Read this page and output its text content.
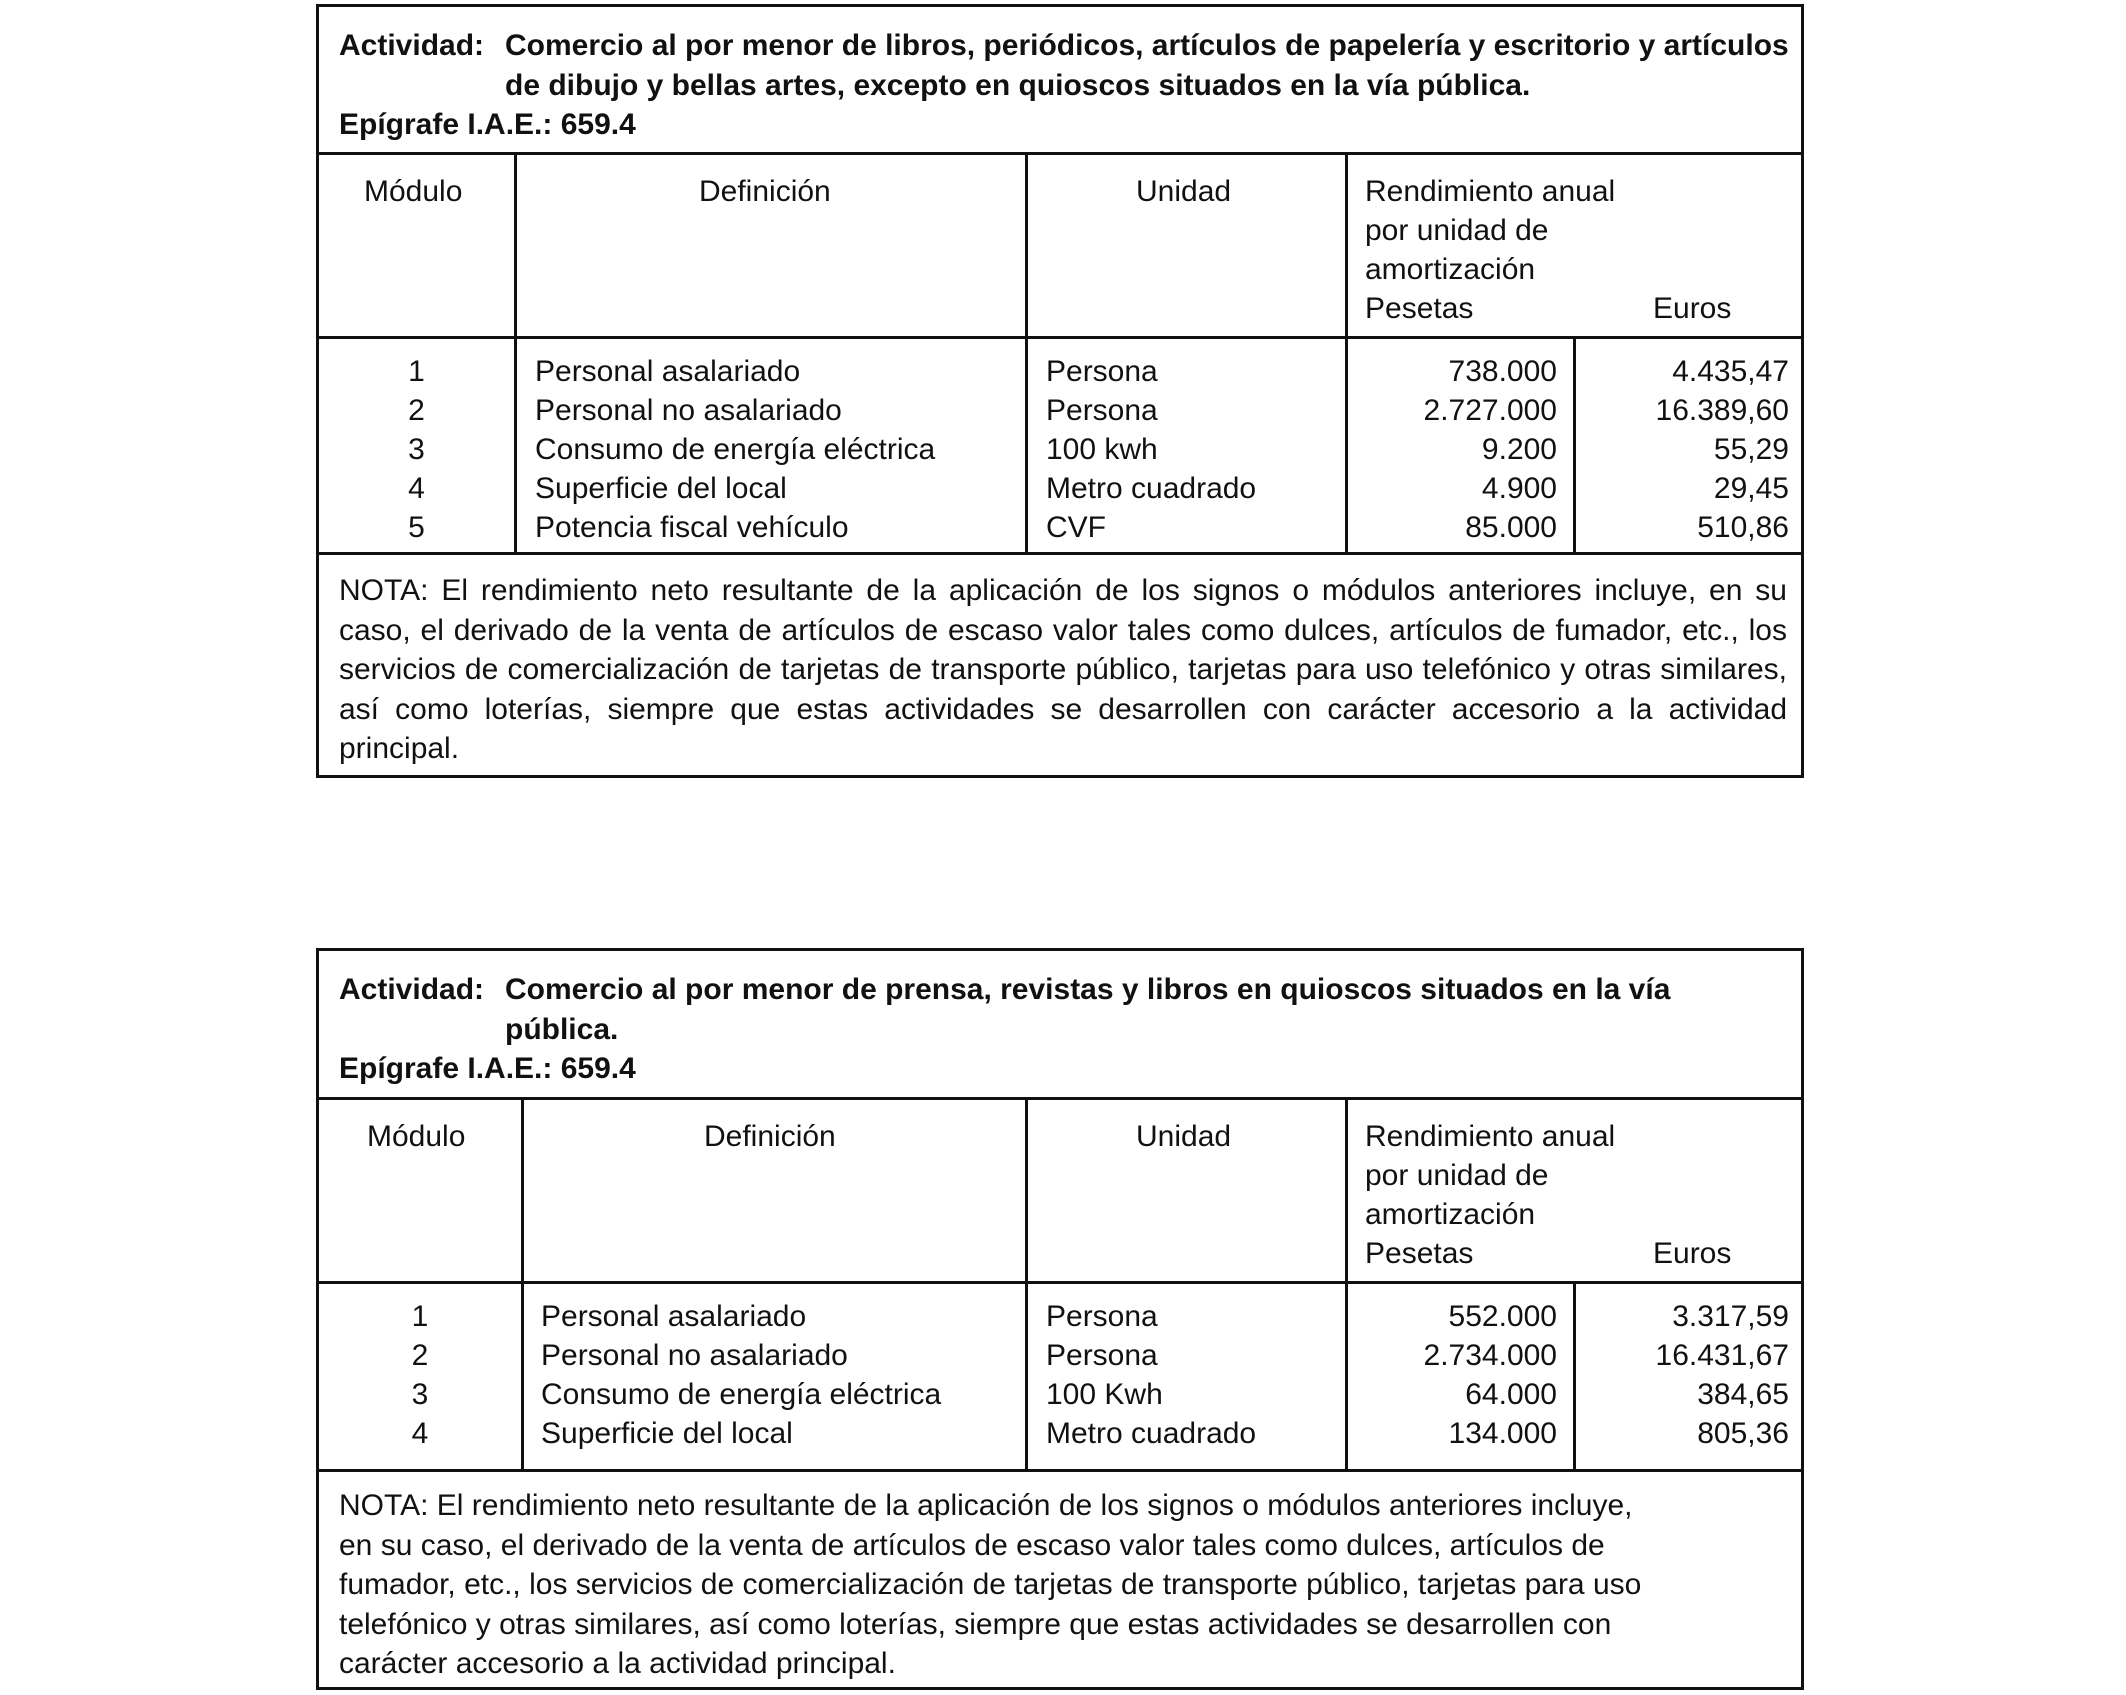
Actividad: Comercio al por menor de libros, periódicos, artículos de papelería y escritorio y artículos
de dibujo y bellas artes, excepto en quioscos situados en la vía pública.
Epígrafe I.A.E.: 659.4
Módulo	Definición	Unidad	Rendimiento anual
por unidad de
amortización
Pesetas	Euros
1	Personal asalariado	Persona	738.000	4.435,47
2	Personal no asalariado	Persona	2.727.000	16.389,60
3	Consumo de energía eléctrica	100 kwh	9.200	55,29
4	Superficie del local	Metro cuadrado	4.900	29,45
5	Potencia fiscal vehículo	CVF	85.000	510,86
NOTA: El rendimiento neto resultante de la aplicación de los signos o módulos anteriores incluye, en su caso, el derivado de la venta de artículos de escaso valor tales como dulces, artículos de fumador, etc., los servicios de comercialización de tarjetas de transporte público, tarjetas para uso telefónico y otras similares, así como loterías, siempre que estas actividades se desarrollen con carácter accesorio a la actividad principal.
Actividad: Comercio al por menor de prensa, revistas y libros en quioscos situados en la vía
pública.
Epígrafe I.A.E.: 659.4
Módulo	Definición	Unidad	Rendimiento anual
por unidad de
amortización
Pesetas	Euros
1	Personal asalariado	Persona	552.000	3.317,59
2	Personal no asalariado	Persona	2.734.000	16.431,67
3	Consumo de energía eléctrica	100 Kwh	64.000	384,65
4	Superficie del local	Metro cuadrado	134.000	805,36
NOTA: El rendimiento neto resultante de la aplicación de los signos o módulos anteriores incluye,
en su caso, el derivado de la venta de artículos de escaso valor tales como dulces, artículos de
fumador, etc., los servicios de comercialización de tarjetas de transporte público, tarjetas para uso
telefónico y otras similares, así como loterías, siempre que estas actividades se desarrollen con
carácter accesorio a la actividad principal.
